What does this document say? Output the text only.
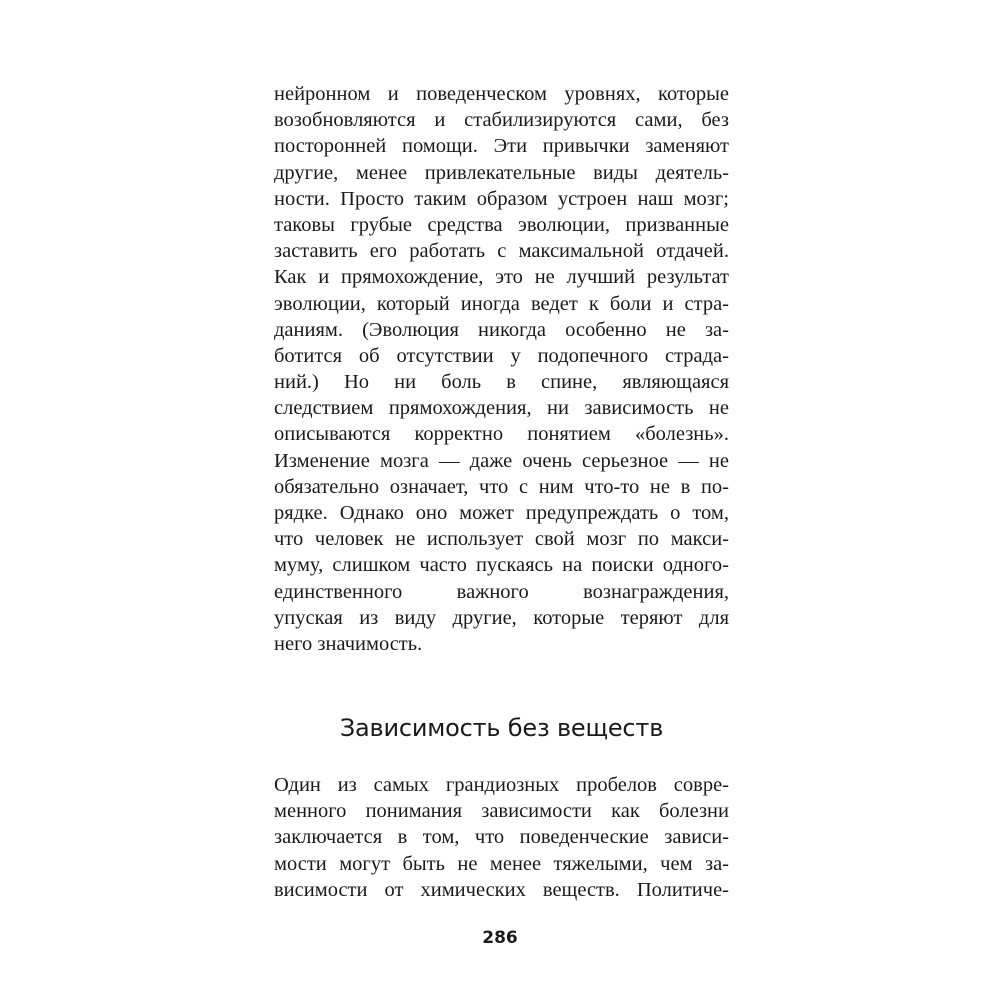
нейронном и поведенческом уровнях, которые
возобновляются и стабилизируются сами, без
посторонней помощи. Эти привычки заменяют
другие, менее привлекательные виды деятель-
ности. Просто таким образом устроен наш мозг;
таковы грубые средства эволюции, призванные
заставить его работать с максимальной отдачей.
Как и прямохождение, это не лучший результат
эволюции, который иногда ведет к боли и стра-
даниям. (Эволюция никогда особенно не за-
ботится об отсутствии у подопечного страда-
ний.) Но ни боль в спине, являющаяся
следствием прямохождения, ни зависимость не
описываются корректно понятием «болезнь».
Изменение мозга — даже очень серьезное — не
обязательно означает, что с ним что-то не в по-
рядке. Однако оно может предупреждать о том,
что человек не использует свой мозг по макси-
муму, слишком часто пускаясь на поиски одного-
единственного важного вознаграждения,
упуская из виду другие, которые теряют для
него значимость.
Зависимость без веществ
Один из самых грандиозных пробелов совре-
менного понимания зависимости как болезни
заключается в том, что поведенческие зависи-
мости могут быть не менее тяжелыми, чем за-
висимости от химических веществ. Политиче-
286
